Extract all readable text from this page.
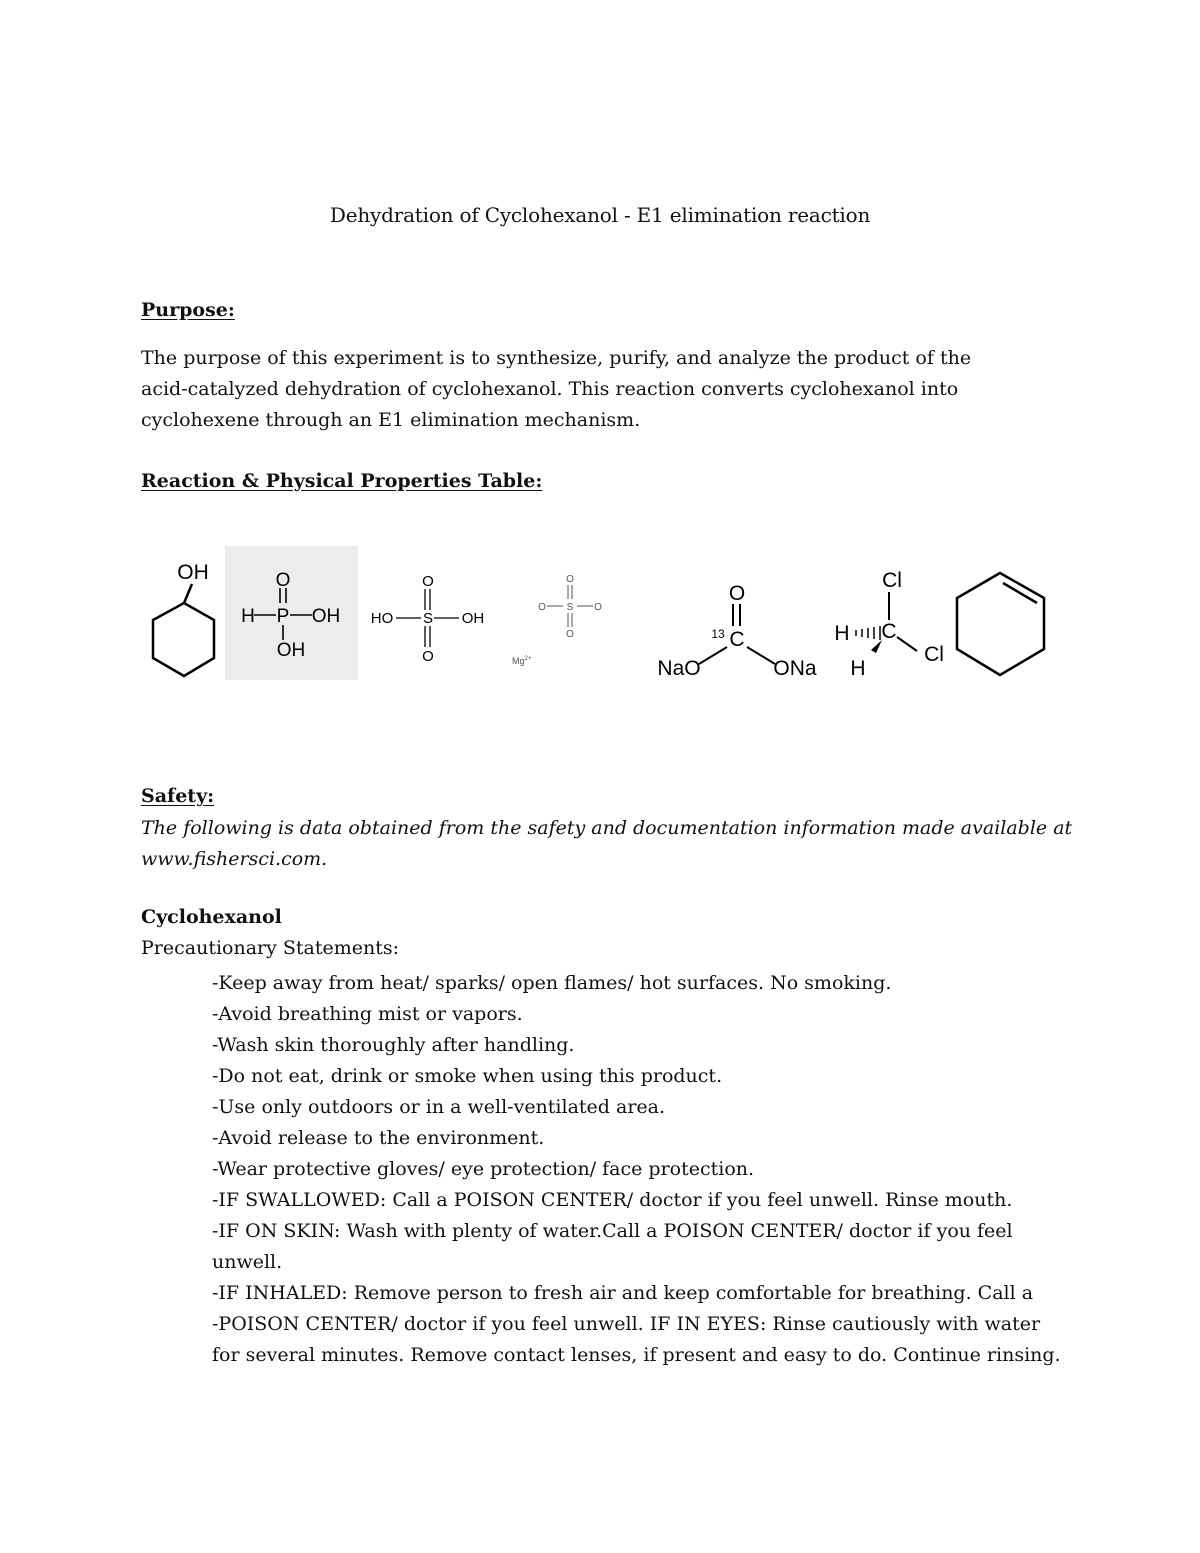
Dehydration of Cyclohexanol - E1 elimination reaction
Purpose:
The purpose of this experiment is to synthesize, purify, and analyze the product of the
acid-catalyzed dehydration of cyclohexanol. This reaction converts cyclohexanol into
cyclohexene through an E1 elimination mechanism.
Reaction & Physical Properties Table:
OH	O
H P OH
OH
O
HO S OH
O
O
O S O
O
$Mg^{2+}$
O
13 C
NaO	ONa
Cl
H C
Cl
H
Safety:
The following is data obtained from the safety and documentation information made available at
www.fishersci.com.
Cyclohexanol
Precautionary Statements:
-Keep away from heat/ sparks/ open flames/ hot surfaces. No smoking.
-Avoid breathing mist or vapors.
-Wash skin thoroughly after handling.
-Do not eat, drink or smoke when using this product.
-Use only outdoors or in a well-ventilated area.
-Avoid release to the environment.
-Wear protective gloves/ eye protection/ face protection.
-IF SWALLOWED: Call a POISON CENTER/ doctor if you feel unwell. Rinse mouth.
-IF ON SKIN: Wash with plenty of water.Call a POISON CENTER/ doctor if you feel
unwell.
-IF INHALED: Remove person to fresh air and keep comfortable for breathing. Call a
-POISON CENTER/ doctor if you feel unwell. IF IN EYES: Rinse cautiously with water
for several minutes. Remove contact lenses, if present and easy to do. Continue rinsing.
